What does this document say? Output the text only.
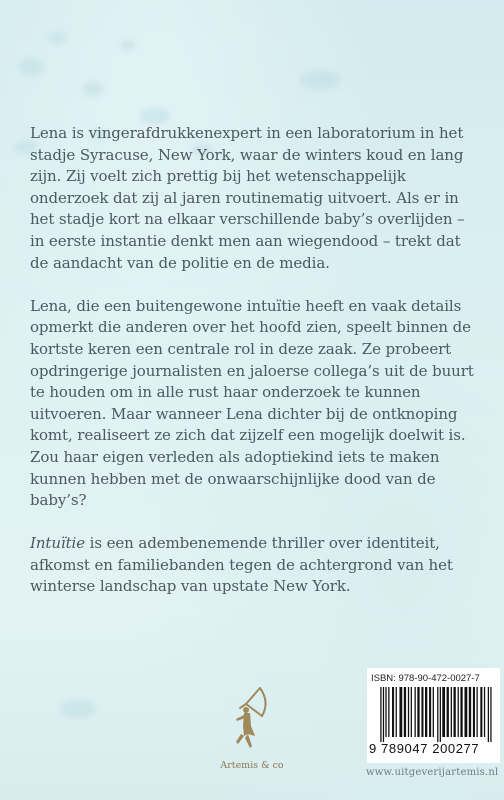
Lena is vingerafdrukkenexpert in een laboratorium in het stadje Syracuse, New York, waar de winters koud en lang zijn. Zij voelt zich prettig bij het wetenschappelijk onderzoek dat zij al jaren routinematig uitvoert. Als er in het stadje kort na elkaar verschillende baby’s overlijden – in eerste instantie denkt men aan wiegendood – trekt dat de aandacht van de politie en de media.

Lena, die een buitengewone intuïtie heeft en vaak details opmerkt die anderen over het hoofd zien, speelt binnen de kortste keren een centrale rol in deze zaak. Ze probeert opdringerige journalisten en jaloerse collega’s uit de buurt te houden om in alle rust haar onderzoek te kunnen uitvoeren. Maar wanneer Lena dichter bij de ontknoping komt, realiseert ze zich dat zijzelf een mogelijk doelwit is. Zou haar eigen verleden als adoptiekind iets te maken kunnen hebben met de onwaarschijnlijke dood van de baby’s?

Intuïtie is een adembenemende thriller over identiteit, afkomst en familiebanden tegen de achtergrond van het winterse landschap van upstate New York.

Artemis & co
ISBN: 978-90-472-0027-7
9 789047 200277
www.uitgeverijartemis.nl
